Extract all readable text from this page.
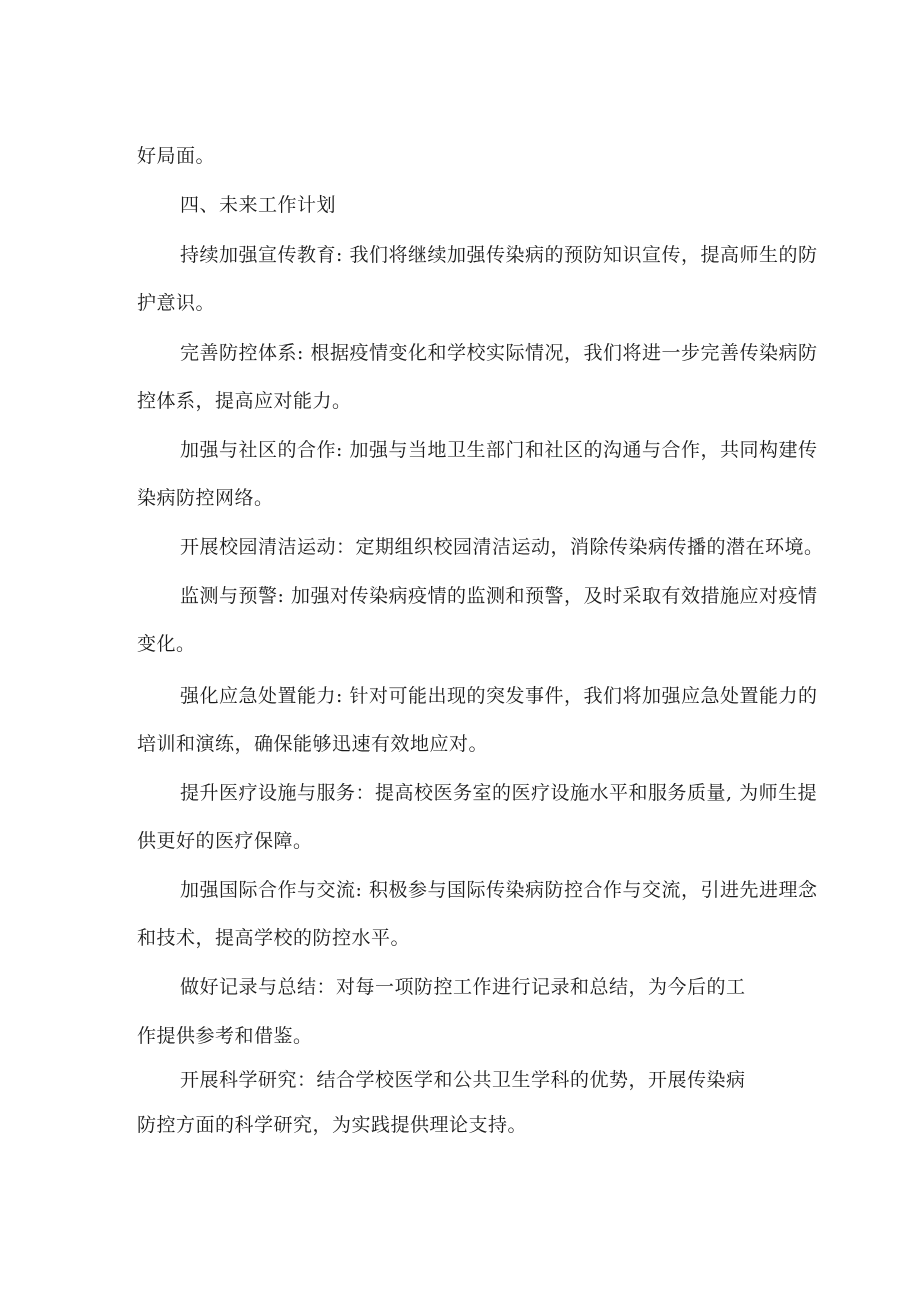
好局面。
四、未来工作计划
持续加强宣传教育: 我们将继续加强传染病的预防知识宣传，提高师生的防
护意识。
完善防控体系: 根据疫情变化和学校实际情况，我们将进一步完善传染病防
控体系，提高应对能力。
加强与社区的合作: 加强与当地卫生部门和社区的沟通与合作，共同构建传
染病防控网络。
开展校园清洁运动：定期组织校园清洁运动，消除传染病传播的潜在环境。
监测与预警: 加强对传染病疫情的监测和预警，及时采取有效措施应对疫情
变化。
强化应急处置能力: 针对可能出现的突发事件，我们将加强应急处置能力的
培训和演练，确保能够迅速有效地应对。
提升医疗设施与服务：提高校医务室的医疗设施水平和服务质量, 为师生提
供更好的医疗保障。
加强国际合作与交流: 积极参与国际传染病防控合作与交流，引进先进理念
和技术，提高学校的防控水平。
做好记录与总结：对每一项防控工作进行记录和总结，为今后的工
作提供参考和借鉴。
开展科学研究：结合学校医学和公共卫生学科的优势，开展传染病
防控方面的科学研究，为实践提供理论支持。
